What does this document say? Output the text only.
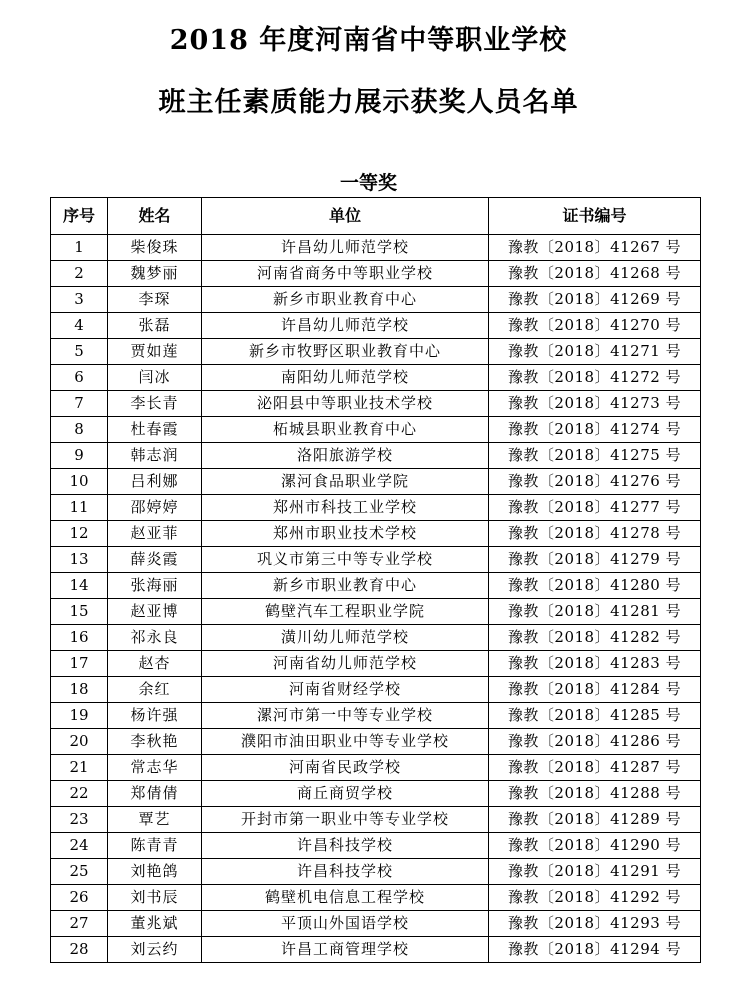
2018 年度河南省中等职业学校
班主任素质能力展示获奖人员名单
一等奖
序号	姓名	单位	证书编号
1	柴俊珠	许昌幼儿师范学校	豫教〔2018〕41267 号
2	魏梦丽	河南省商务中等职业学校	豫教〔2018〕41268 号
3	李琛	新乡市职业教育中心	豫教〔2018〕41269 号
4	张磊	许昌幼儿师范学校	豫教〔2018〕41270 号
5	贾如莲	新乡市牧野区职业教育中心	豫教〔2018〕41271 号
6	闫冰	南阳幼儿师范学校	豫教〔2018〕41272 号
7	李长青	泌阳县中等职业技术学校	豫教〔2018〕41273 号
8	杜春霞	柘城县职业教育中心	豫教〔2018〕41274 号
9	韩志润	洛阳旅游学校	豫教〔2018〕41275 号
10	吕利娜	漯河食品职业学院	豫教〔2018〕41276 号
11	邵婷婷	郑州市科技工业学校	豫教〔2018〕41277 号
12	赵亚菲	郑州市职业技术学校	豫教〔2018〕41278 号
13	薛炎霞	巩义市第三中等专业学校	豫教〔2018〕41279 号
14	张海丽	新乡市职业教育中心	豫教〔2018〕41280 号
15	赵亚博	鹤壁汽车工程职业学院	豫教〔2018〕41281 号
16	祁永良	潢川幼儿师范学校	豫教〔2018〕41282 号
17	赵杏	河南省幼儿师范学校	豫教〔2018〕41283 号
18	余红	河南省财经学校	豫教〔2018〕41284 号
19	杨许强	漯河市第一中等专业学校	豫教〔2018〕41285 号
20	李秋艳	濮阳市油田职业中等专业学校	豫教〔2018〕41286 号
21	常志华	河南省民政学校	豫教〔2018〕41287 号
22	郑倩倩	商丘商贸学校	豫教〔2018〕41288 号
23	覃艺	开封市第一职业中等专业学校	豫教〔2018〕41289 号
24	陈青青	许昌科技学校	豫教〔2018〕41290 号
25	刘艳鸽	许昌科技学校	豫教〔2018〕41291 号
26	刘书辰	鹤壁机电信息工程学校	豫教〔2018〕41292 号
27	董兆斌	平顶山外国语学校	豫教〔2018〕41293 号
28	刘云约	许昌工商管理学校	豫教〔2018〕41294 号
